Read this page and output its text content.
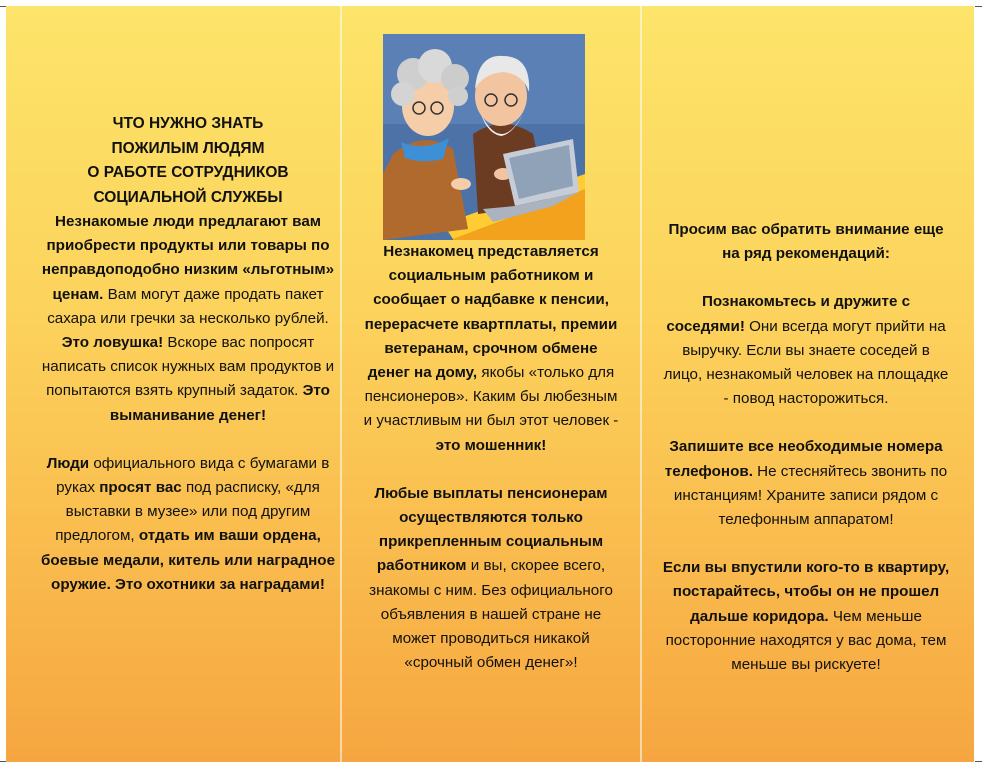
ЧТО НУЖНО ЗНАТЬ
ПОЖИЛЫМ ЛЮДЯМ
О РАБОТЕ СОТРУДНИКОВ
СОЦИАЛЬНОЙ СЛУЖБЫ

Незнакомые люди предлагают вам приобрести продукты или товары по неправдоподобно низким «льготным» ценам. Вам могут даже продать пакет сахара или гречки за несколько рублей. Это ловушка! Вскоре вас попросят написать список нужных вам продуктов и попытаются взять крупный задаток. Это выманивание денег!

Люди официального вида с бумагами в руках просят вас под расписку, «для выставки в музее» или под другим предлогом, отдать им ваши ордена, боевые медали, китель или наградное оружие. Это охотники за наградами!

Незнакомец представляется социальным работником и сообщает о надбавке к пенсии, перерасчете квартплаты, премии ветеранам, срочном обмене денег на дому, якобы «только для пенсионеров». Каким бы любезным и участливым ни был этот человек - это мошенник!

Любые выплаты пенсионерам осуществляются только прикрепленным социальным работником и вы, скорее всего, знакомы с ним. Без официального объявления в нашей стране не может проводиться никакой «срочный обмен денег»!

Просим вас обратить внимание еще на ряд рекомендаций:

Познакомьтесь и дружите с соседями! Они всегда могут прийти на выручку. Если вы знаете соседей в лицо, незнакомый человек на площадке - повод насторожиться.

Запишите все необходимые номера телефонов. Не стесняйтесь звонить по инстанциям! Храните записи рядом с телефонным аппаратом!

Если вы впустили кого-то в квартиру, постарайтесь, чтобы он не прошел дальше коридора. Чем меньше посторонние находятся у вас дома, тем меньше вы рискуете!
